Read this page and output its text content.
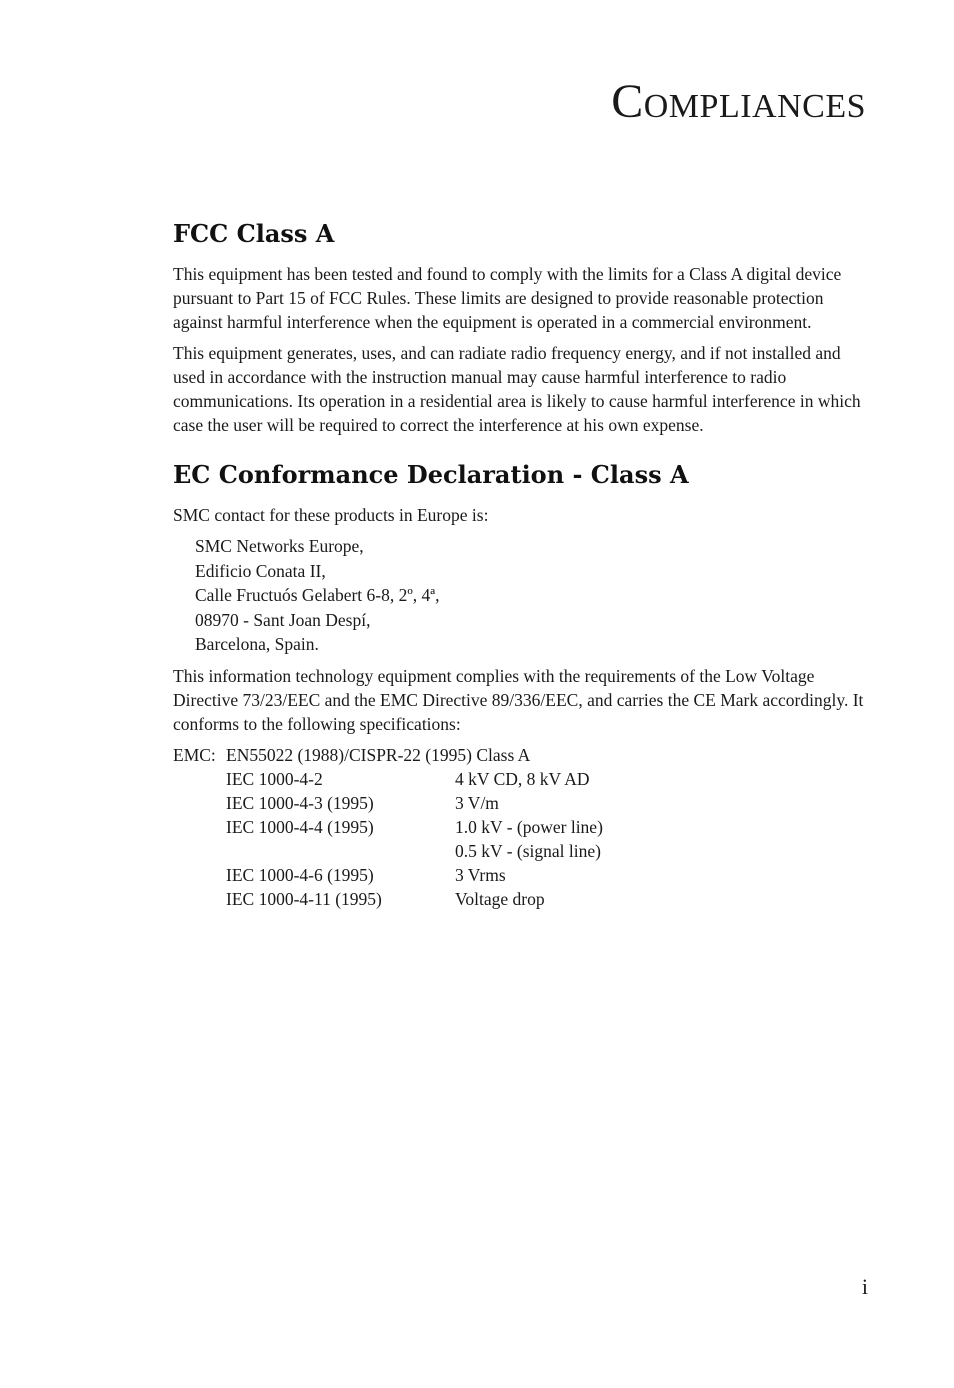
Compliances
FCC Class A

This equipment has been tested and found to comply with the limits for a Class A digital device pursuant to Part 15 of FCC Rules. These limits are designed to provide reasonable protection against harmful interference when the equipment is operated in a commercial environment.

This equipment generates, uses, and can radiate radio frequency energy, and if not installed and used in accordance with the instruction manual may cause harmful interference to radio communications. Its operation in a residential area is likely to cause harmful interference in which case the user will be required to correct the interference at his own expense.

EC Conformance Declaration - Class A

SMC contact for these products in Europe is:

SMC Networks Europe,
Edificio Conata II,
Calle Fructuós Gelabert 6-8, 2º, 4ª,
08970 - Sant Joan Despí,
Barcelona, Spain.

This information technology equipment complies with the requirements of the Low Voltage Directive 73/23/EEC and the EMC Directive 89/336/EEC, and carries the CE Mark accordingly. It conforms to the following specifications:

EMC: EN55022 (1988)/CISPR-22 (1995) Class A
IEC 1000-4-2	4 kV CD, 8 kV AD
IEC 1000-4-3 (1995)	3 V/m
IEC 1000-4-4 (1995)	1.0 kV - (power line)
0.5 kV - (signal line)
IEC 1000-4-6 (1995)	3 Vrms
IEC 1000-4-11 (1995)	Voltage drop
i
